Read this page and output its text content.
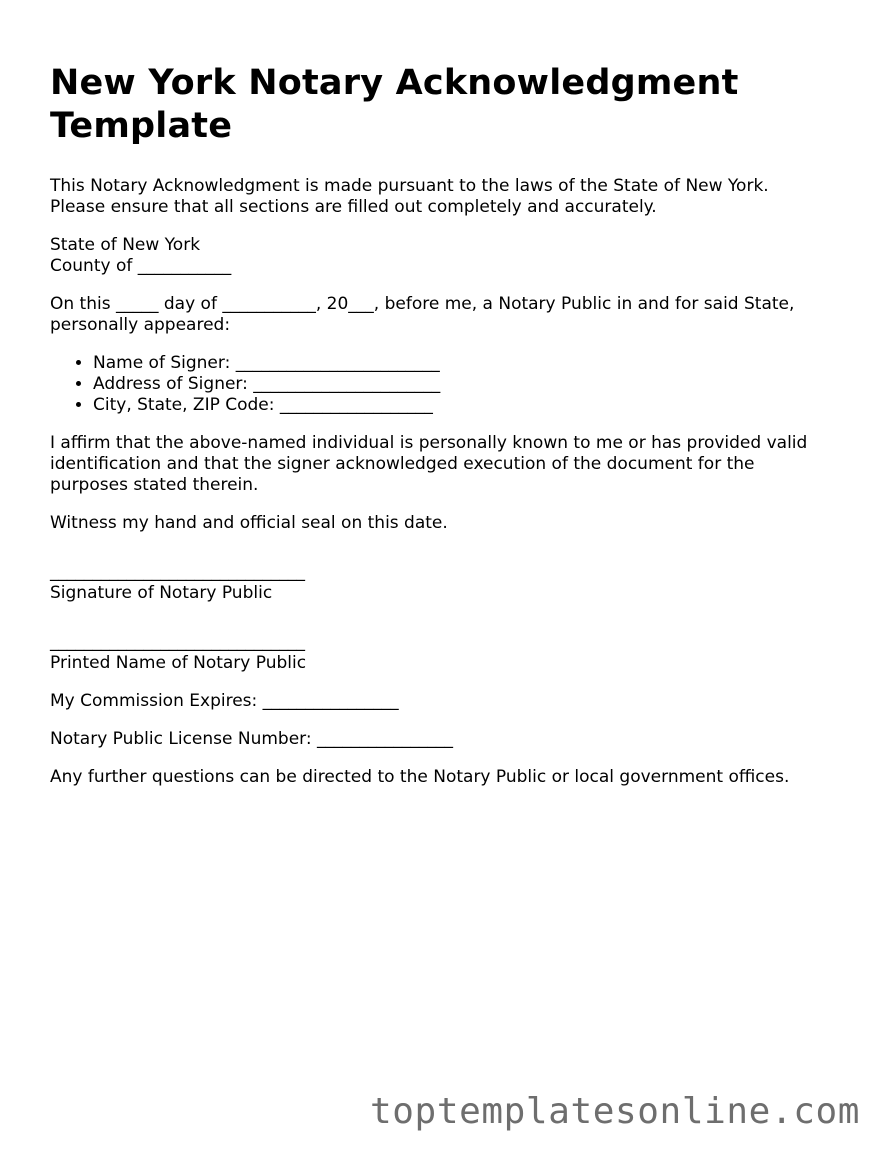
New York Notary Acknowledgment Template

This Notary Acknowledgment is made pursuant to the laws of the State of New York.
Please ensure that all sections are filled out completely and accurately.

State of New York
County of ___________

On this _____ day of ___________, 20___, before me, a Notary Public in and for said State,
personally appeared:

• Name of Signer: ________________________
• Address of Signer: ______________________
• City, State, ZIP Code: __________________

I affirm that the above-named individual is personally known to me or has provided valid
identification and that the signer acknowledged execution of the document for the
purposes stated therein.

Witness my hand and official seal on this date.

______________________________
Signature of Notary Public
______________________________
Printed Name of Notary Public

My Commission Expires: ________________

Notary Public License Number: ________________

Any further questions can be directed to the Notary Public or local government offices.

toptemplatesonline.com
